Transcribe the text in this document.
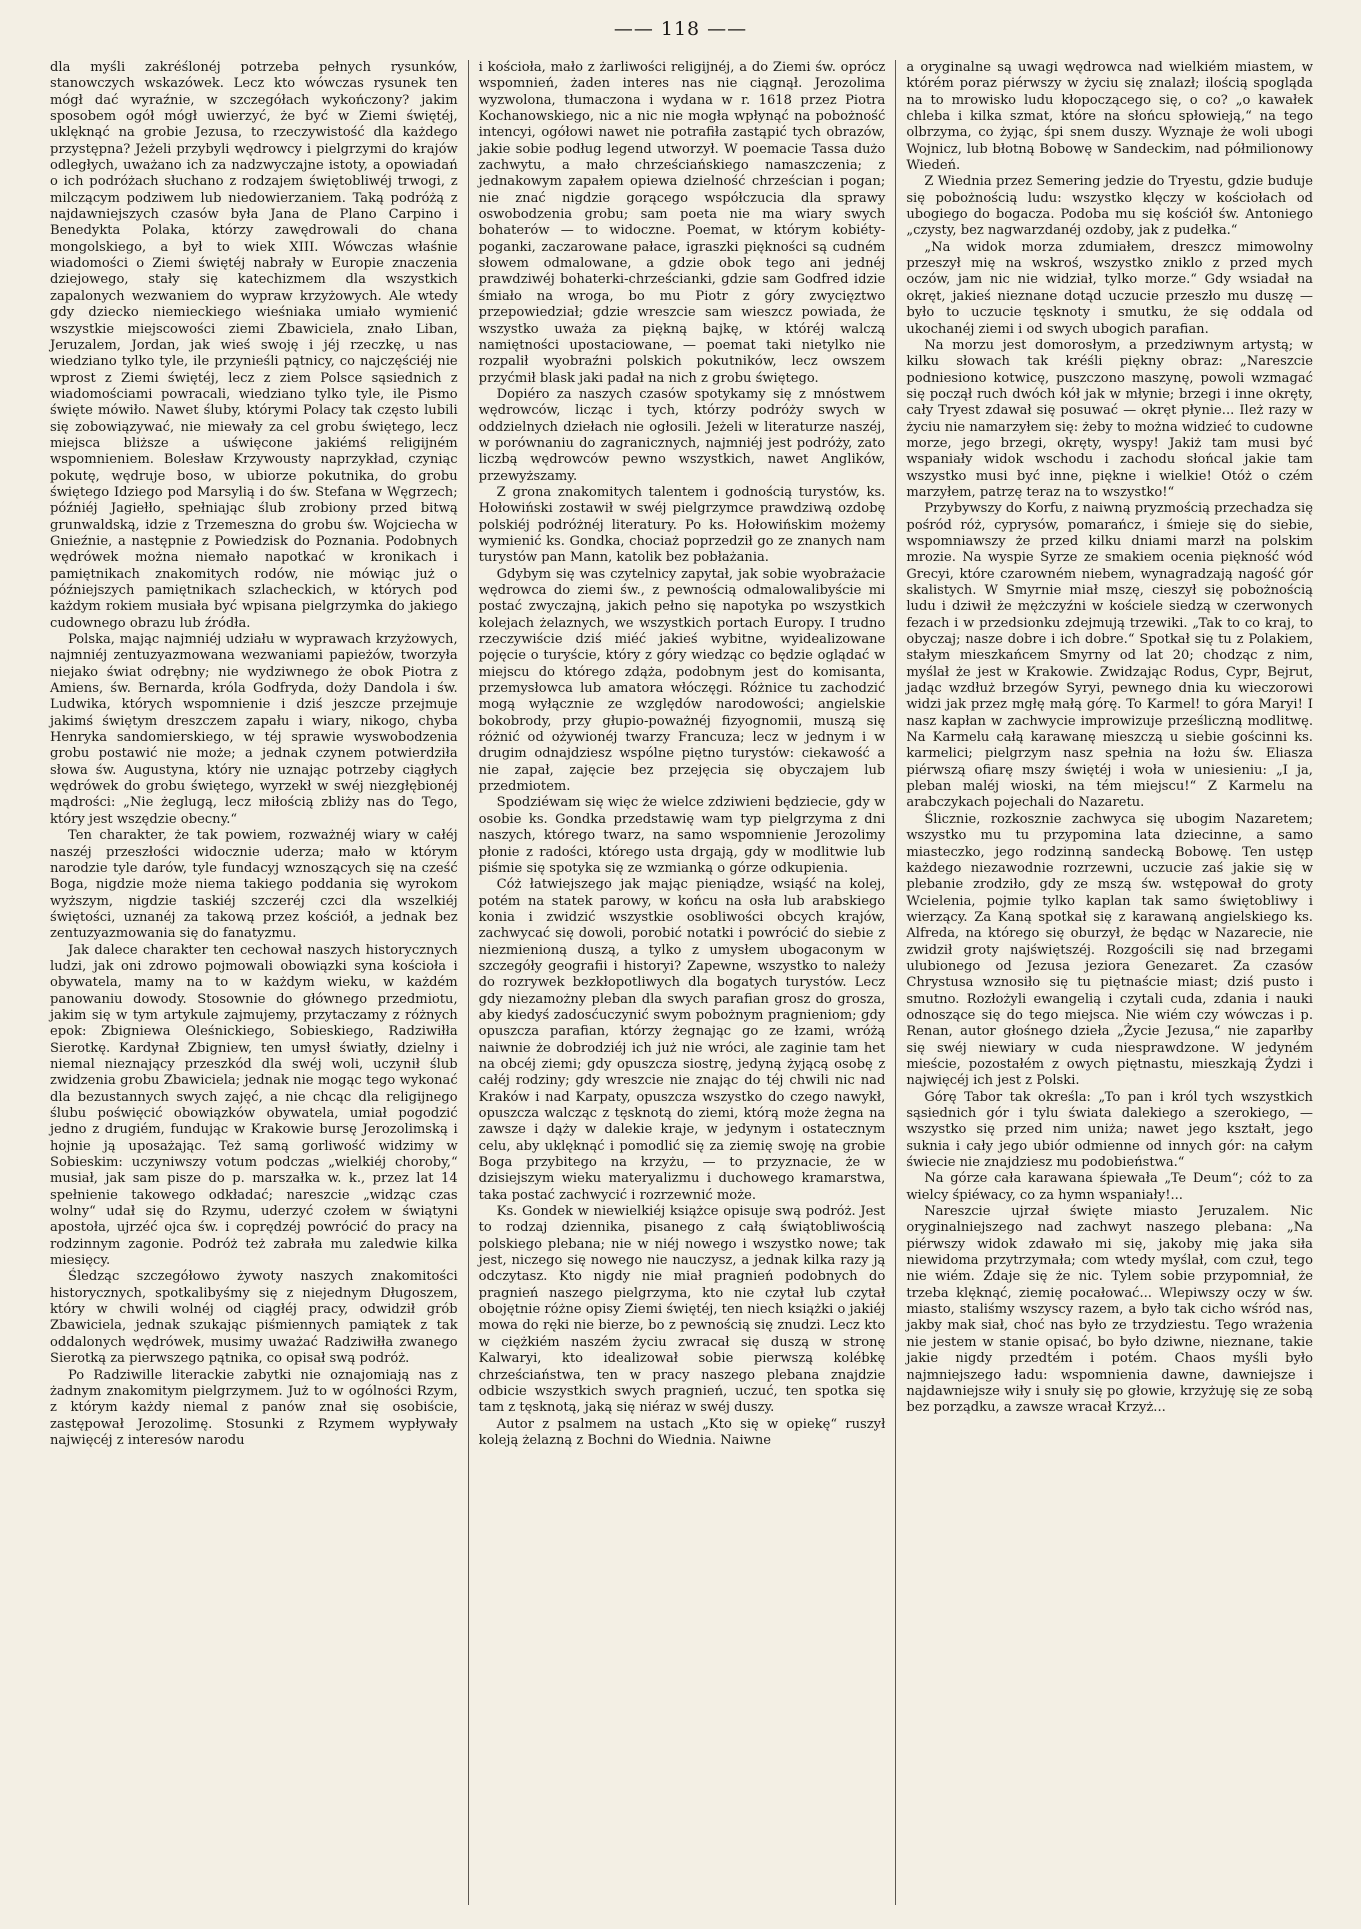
—— 118 ——

dla myśli zakréślonéj potrzeba pełnych rysunków, stanowczych wskazówek. Lecz kto wówczas rysunek ten mógł dać wyraźnie, w szczegółach wykończony? jakim sposobem ogół mógł uwierzyć, że być w Ziemi świętéj, uklęknąć na grobie Jezusa, to rzeczywistość dla każdego przystępna? Jeżeli przybyli wędrowcy i pielgrzymi do krajów odległych, uważano ich za nadzwyczajne istoty, a opowiadań o ich podróżach słuchano z rodzajem świętobliwéj trwogi, z milczącym podziwem lub niedowierzaniem. Taką podróżą z najdawniejszych czasów była Jana de Plano Carpino i Benedykta Polaka, którzy zawędrowali do chana mongolskiego, a był to wiek XIII. Wówczas właśnie wiadomości o Ziemi świętéj nabrały w Europie znaczenia dziejowego, stały się katechizmem dla wszystkich zapalonych wezwaniem do wypraw krzyżowych. Ale wtedy gdy dziecko niemieckiego wieśniaka umiało wymienić wszystkie miejscowości ziemi Zbawiciela, znało Liban, Jeruzalem, Jordan, jak wieś swoję i jéj rzeczkę, u nas wiedziano tylko tyle, ile przynieśli pątnicy, co najczęściéj nie wprost z Ziemi świętéj, lecz z ziem Polsce sąsiednich z wiadomościami powracali, wiedziano tylko tyle, ile Pismo święte mówiło. Nawet śluby, którymi Polacy tak często lubili się zobowiązywać, nie miewały za cel grobu świętego, lecz miejsca bliższe a uświęcone jakiémś religijném wspomnieniem. Bolesław Krzywousty naprzykład, czyniąc pokutę, wędruje boso, w ubiorze pokutnika, do grobu świętego Idziego pod Marsylią i do św. Stefana w Węgrzech; późniéj Jagiełło, spełniając ślub zrobiony przed bitwą grunwaldską, idzie z Trzemeszna do grobu św. Wojciecha w Gnieźnie, a następnie z Powiedzisk do Poznania. Podobnych wędrówek można niemało napotkać w kronikach i pamiętnikach znakomitych rodów, nie mówiąc już o późniejszych pamiętnikach szlacheckich, w których pod każdym rokiem musiała być wpisana pielgrzymka do jakiego cudownego obrazu lub źródła.

Polska, mając najmniéj udziału w wyprawach krzyżowych, najmniéj zentuzyazmowana wezwaniami papieżów, tworzyła niejako świat odrębny; nie wydziwnego że obok Piotra z Amiens, św. Bernarda, króla Godfryda, doży Dandola i św. Ludwika, których wspomnienie i dziś jeszcze przejmuje jakimś świętym dreszczem zapału i wiary, nikogo, chyba Henryka sandomierskiego, w téj sprawie wyswobodzenia grobu postawić nie może; a jednak czynem potwierdziła słowa św. Augustyna, który nie uznając potrzeby ciągłych wędrówek do grobu świętego, wyrzekł w swéj niezgłębionéj mądrości: „Nie żeglugą, lecz miłością zbliży nas do Tego, który jest wszędzie obecny.“

Ten charakter, że tak powiem, rozważnéj wiary w całéj naszéj przeszłości widocznie uderza; mało w którym narodzie tyle darów, tyle fundacyj wznoszących się na cześć Boga, nigdzie może niema takiego poddania się wyrokom wyższym, nigdzie taskiéj szczeréj czci dla wszelkiéj świętości, uznanéj za takową przez kościół, a jednak bez zentuzyazmowania się do fanatyzmu.

Jak dalece charakter ten cechował naszych historycznych ludzi, jak oni zdrowo pojmowali obowiązki syna kościoła i obywatela, mamy na to w każdym wieku, w każdém panowaniu dowody. Stosownie do głównego przedmiotu, jakim się w tym artykule zajmujemy, przytaczamy z różnych epok: Zbigniewa Oleśnickiego, Sobieskiego, Radziwiłła Sierotkę. Kardynał Zbigniew, ten umysł światły, dzielny i niemal nieznający przeszkód dla swéj woli, uczynił ślub zwidzenia grobu Zbawiciela; jednak nie mogąc tego wykonać dla bezustannych swych zajęć, a nie chcąc dla religijnego ślubu poświęcić obowiązków obywatela, umiał pogodzić jedno z drugiém, fundując w Krakowie bursę Jerozolimską i hojnie ją uposażając. Też samą gorliwość widzimy w Sobieskim: uczyniwszy votum podczas „wielkiéj choroby,“ musiał, jak sam pisze do p. marszałka w. k., przez lat 14 spełnienie takowego odkładać; nareszcie „widząc czas wolny“ udał się do Rzymu, uderzyć czołem w świątyni apostoła, ujrzéć ojca św. i coprędzéj powrócić do pracy na rodzinnym zagonie. Podróż też zabrała mu zaledwie kilka miesięcy.

Śledząc szczegółowo żywoty naszych znakomitości historycznych, spotkalibyśmy się z niejednym Długoszem, który w chwili wolnéj od ciągłéj pracy, odwidził grób Zbawiciela, jednak szukając piśmiennych pamiątek z tak oddalonych wędrówek, musimy uważać Radziwiłła zwanego Sierotką za pierwszego pątnika, co opisał swą podróż.

Po Radziwille literackie zabytki nie oznajomiają nas z żadnym znakomitym pielgrzymem. Już to w ogólności Rzym, z którym każdy niemal z panów znał się osobiście, zastępował Jerozolimę. Stosunki z Rzymem wypływały najwięcéj z interesów narodu

i kościoła, mało z żarliwości religijnéj, a do Ziemi św. oprócz wspomnień, żaden interes nas nie ciągnął. Jerozolima wyzwolona, tłumaczona i wydana w r. 1618 przez Piotra Kochanowskiego, nic a nic nie mogła wpłynąć na pobożność intencyi, ogółowi nawet nie potrafiła zastąpić tych obrazów, jakie sobie podług legend utworzył. W poemacie Tassa dużo zachwytu, a mało chrześciańskiego namaszczenia; z jednakowym zapałem opiewa dzielność chrześcian i pogan; nie znać nigdzie gorącego współczucia dla sprawy oswobodzenia grobu; sam poeta nie ma wiary swych bohaterów — to widoczne. Poemat, w którym kobiéty-poganki, zaczarowane pałace, igraszki piękności są cudném słowem odmalowane, a gdzie obok tego ani jednéj prawdziwéj bohaterki-chrześcianki, gdzie sam Godfred idzie śmiało na wroga, bo mu Piotr z góry zwycięztwo przepowiedział; gdzie wreszcie sam wieszcz powiada, że wszystko uważa za piękną bajkę, w któréj walczą namiętności upostaciowane, — poemat taki nietylko nie rozpalił wyobraźni polskich pokutników, lecz owszem przyćmił blask jaki padał na nich z grobu świętego.

Dopiéro za naszych czasów spotykamy się z mnóstwem wędrowców, licząc i tych, którzy podróży swych w oddzielnych dziełach nie ogłosili. Jeżeli w literaturze naszéj, w porównaniu do zagranicznych, najmniéj jest podróży, zato liczbą wędrowców pewno wszystkich, nawet Anglików, przewyższamy.

Z grona znakomitych talentem i godnością turystów, ks. Hołowiński zostawił w swéj pielgrzymce prawdziwą ozdobę polskiéj podróżnéj literatury. Po ks. Hołowińskim możemy wymienić ks. Gondka, chociaż poprzedził go ze znanych nam turystów pan Mann, katolik bez pobłażania.

Gdybym się was czytelnicy zapytał, jak sobie wyobrażacie wędrowca do ziemi św., z pewnością odmalowalibyście mi postać zwyczajną, jakich pełno się napotyka po wszystkich kolejach żelaznych, we wszystkich portach Europy. I trudno rzeczywiście dziś miéć jakieś wybitne, wyidealizowane pojęcie o turyście, który z góry wiedząc co będzie oglądać w miejscu do którego zdąża, podobnym jest do komisanta, przemysłowca lub amatora włóczęgi. Różnice tu zachodzić mogą wyłącznie ze względów narodowości; angielskie bokobrody, przy głupio-poważnéj fizyognomii, muszą się różnić od ożywionéj twarzy Francuza; lecz w jednym i w drugim odnajdziesz wspólne piętno turystów: ciekawość a nie zapał, zajęcie bez przejęcia się obyczajem lub przedmiotem.

Spodziéwam się więc że wielce zdziwieni będziecie, gdy w osobie ks. Gondka przedstawię wam typ pielgrzyma z dni naszych, którego twarz, na samo wspomnienie Jerozolimy płonie z radości, którego usta drgają, gdy w modlitwie lub piśmie się spotyka się ze wzmianką o górze odkupienia.

Cóż łatwiejszego jak mając pieniądze, wsiąść na kolej, potém na statek parowy, w końcu na osła lub arabskiego konia i zwidzić wszystkie osobliwości obcych krajów, zachwycać się dowoli, porobić notatki i powrócić do siebie z niezmienioną duszą, a tylko z umysłem ubogaconym w szczegóły geografii i historyi? Zapewne, wszystko to należy do rozrywek bezkłopotliwych dla bogatych turystów. Lecz gdy niezamożny pleban dla swych parafian grosz do grosza, aby kiedyś zadosćuczynić swym pobożnym pragnieniom; gdy opuszcza parafian, którzy żegnając go ze łzami, wróżą naiwnie że dobrodziéj ich już nie wróci, ale zaginie tam het na obcéj ziemi; gdy opuszcza siostrę, jedyną żyjącą osobę z całéj rodziny; gdy wreszcie nie znając do téj chwili nic nad Kraków i nad Karpaty, opuszcza wszystko do czego nawykł, opuszcza walcząc z tęsknotą do ziemi, którą może żegna na zawsze i dąży w dalekie kraje, w jedynym i ostatecznym celu, aby uklęknąć i pomodlić się za ziemię swoję na grobie Boga przybitego na krzyżu, — to przyznacie, że w dzisiejszym wieku materyalizmu i duchowego kramarstwa, taka postać zachwycić i rozrzewnić może.

Ks. Gondek w niewielkiéj książce opisuje swą podróż. Jest to rodzaj dziennika, pisanego z całą świątobliwością polskiego plebana; nie w niéj nowego i wszystko nowe; tak jest, niczego się nowego nie nauczysz, a jednak kilka razy ją odczytasz. Kto nigdy nie miał pragnień podobnych do pragnień naszego pielgrzyma, kto nie czytał lub czytał obojętnie różne opisy Ziemi świętéj, ten niech książki o jakiéj mowa do ręki nie bierze, bo z pewnością się znudzi. Lecz kto w ciężkiém naszém życiu zwracał się duszą w stronę Kalwaryi, kto idealizował sobie pierwszą kolébkę chrześciaństwa, ten w pracy naszego plebana znajdzie odbicie wszystkich swych pragnień, uczuć, ten spotka się tam z tęsknotą, jaką się niéraz w swéj duszy.

Autor z psalmem na ustach „Kto się w opiekę“ ruszył koleją żelazną z Bochni do Wiednia. Naiwne

a oryginalne są uwagi wędrowca nad wielkiém miastem, w którém poraz piérwszy w życiu się znalazł; ilością spogląda na to mrowisko ludu kłopoczącego się, o co? „o kawałek chleba i kilka szmat, które na słońcu spłowieją,“ na tego olbrzyma, co żyjąc, śpi snem duszy. Wyznaje że woli ubogi Wojnicz, lub błotną Bobowę w Sandeckim, nad półmilionowy Wiedeń.

Z Wiednia przez Semering jedzie do Tryestu, gdzie buduje się pobożnością ludu: wszystko klęczy w kościołach od ubogiego do bogacza. Podoba mu się kościół św. Antoniego „czysty, bez nagwarzdanéj ozdoby, jak z pudełka.“

„Na widok morza zdumiałem, dreszcz mimowolny przeszył mię na wskroś, wszystko zniklo z przed mych oczów, jam nic nie widział, tylko morze.“ Gdy wsiadał na okręt, jakieś nieznane dotąd uczucie przeszło mu duszę — było to uczucie tęsknoty i smutku, że się oddala od ukochanéj ziemi i od swych ubogich parafian.

Na morzu jest domorosłym, a przedziwnym artystą; w kilku słowach tak kréśli piękny obraz: „Nareszcie podniesiono kotwicę, puszczono maszynę, powoli wzmagać się począł ruch dwóch kół jak w młynie; brzegi i inne okręty, cały Tryest zdawał się posuwać — okręt płynie... Ileż razy w życiu nie namarzyłem się: żeby to można widzieć to cudowne morze, jego brzegi, okręty, wyspy! Jakiż tam musi być wspaniały widok wschodu i zachodu słońcal jakie tam wszystko musi być inne, piękne i wielkie! Otóż o czém marzyłem, patrzę teraz na to wszystko!“

Przybywszy do Korfu, z naiwną pryzmością przechadza się pośród róż, cyprysów, pomarańcz, i śmieje się do siebie, wspomniawszy że przed kilku dniami marzł na polskim mrozie. Na wyspie Syrze ze smakiem ocenia piękność wód Grecyi, które czarowném niebem, wynagradzają nagość gór skalistych. W Smyrnie miał mszę, cieszył się pobożnością ludu i dziwił że mężczyźni w kościele siedzą w czerwonych fezach i w przedsionku zdejmują trzewiki. „Tak to co kraj, to obyczaj; nasze dobre i ich dobre.“ Spotkał się tu z Polakiem, stałym mieszkańcem Smyrny od lat 20; chodząc z nim, myślał że jest w Krakowie. Zwidzając Rodus, Cypr, Bejrut, jadąc wzdłuż brzegów Syryi, pewnego dnia ku wieczorowi widzi jak przez mgłę małą górę. To Karmel! to góra Maryi! I nasz kapłan w zachwycie improwizuje prześliczną modlitwę. Na Karmelu całą karawanę mieszczą u siebie gościnni ks. karmelici; pielgrzym nasz spełnia na łożu św. Eliasza piérwszą ofiarę mszy świętéj i woła w uniesieniu: „I ja, pleban maléj wioski, na tém miejscu!“ Z Karmelu na arabczykach pojechali do Nazaretu.

Ślicznie, rozkosznie zachwyca się ubogim Nazaretem; wszystko mu tu przypomina lata dziecinne, a samo miasteczko, jego rodzinną sandecką Bobowę. Ten ustęp każdego niezawodnie rozrzewni, uczucie zaś jakie się w plebanie zrodziło, gdy ze mszą św. wstępował do groty Wcielenia, pojmie tylko kaplan tak samo świętobliwy i wierzący. Za Kaną spotkał się z karawaną angielskiego ks. Alfreda, na którego się oburzył, że będąc w Nazarecie, nie zwidził groty najświętszéj. Rozgościli się nad brzegami ulubionego od Jezusa jeziora Genezaret. Za czasów Chrystusa wznosiło się tu piętnaście miast; dziś pusto i smutno. Rozłożyli ewangelią i czytali cuda, zdania i nauki odnoszące się do tego miejsca. Nie wiém czy wówczas i p. Renan, autor głośnego dzieła „Życie Jezusa,“ nie zaparłby się swéj niewiary w cuda niesprawdzone. W jedyném mieście, pozostałém z owych piętnastu, mieszkają Żydzi i najwięcéj ich jest z Polski.

Górę Tabor tak określa: „To pan i król tych wszystkich sąsiednich gór i tylu świata dalekiego a szerokiego, — wszystko się przed nim uniża; nawet jego kształt, jego suknia i cały jego ubiór odmienne od innych gór: na całym świecie nie znajdziesz mu podobieństwa.“

Na górze cała karawana śpiewała „Te Deum“; cóż to za wielcy śpiéwacy, co za hymn wspaniały!...

Nareszcie ujrzał święte miasto Jeruzalem. Nic oryginalniejszego nad zachwyt naszego plebana: „Na piérwszy widok zdawało mi się, jakoby mię jaka siła niewidoma przytrzymała; com wtedy myślał, com czuł, tego nie wiém. Zdaje się że nic. Tylem sobie przypomniał, że trzeba klęknąć, ziemię pocałować... Wlepiwszy oczy w św. miasto, staliśmy wszyscy razem, a było tak cicho wśród nas, jakby mak siał, choć nas było ze trzydziestu. Tego wrażenia nie jestem w stanie opisać, bo było dziwne, nieznane, takie jakie nigdy przedtém i potém. Chaos myśli było najmniejszego ładu: wspomnienia dawne, dawniejsze i najdawniejsze wiły i snuły się po głowie, krzyżuję się ze sobą bez porządku, a zawsze wracał Krzyż...
